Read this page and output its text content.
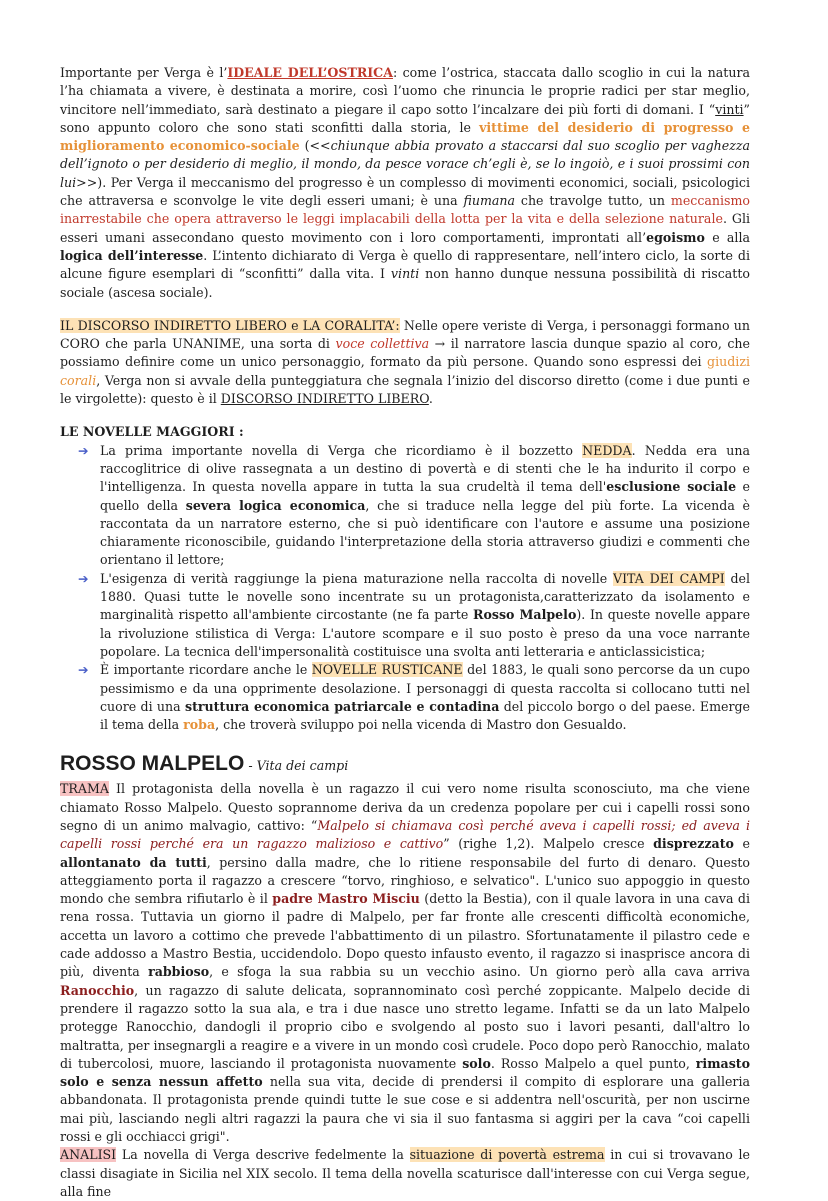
Importante per Verga è l’IDEALE DELL’OSTRICA: come l’ostrica, staccata dallo scoglio in cui la natura l’ha chiamata a vivere, è destinata a morire, così l’uomo che rinuncia le proprie radici per star meglio, vincitore nell’immediato, sarà destinato a piegare il capo sotto l’incalzare dei più forti di domani. I “vinti” sono appunto coloro che sono stati sconfitti dalla storia, le vittime del desiderio di progresso e miglioramento economico-sociale (<<chiunque abbia provato a staccarsi dal suo scoglio per vaghezza dell’ignoto o per desiderio di meglio, il mondo, da pesce vorace ch’egli è, se lo ingoiò, e i suoi prossimi con lui>>). Per Verga il meccanismo del progresso è un complesso di movimenti economici, sociali, psicologici che attraversa e sconvolge le vite degli esseri umani; è una fiumana che travolge tutto, un meccanismo inarrestabile che opera attraverso le leggi implacabili della lotta per la vita e della selezione naturale. Gli esseri umani assecondano questo movimento con i loro comportamenti, improntati all’egoismo e alla logica dell’interesse. L’intento dichiarato di Verga è quello di rappresentare, nell’intero ciclo, la sorte di alcune figure esemplari di “sconfitti” dalla vita. I vinti non hanno dunque nessuna possibilità di riscatto sociale (ascesa sociale).

IL DISCORSO INDIRETTO LIBERO e LA CORALITA’: Nelle opere veriste di Verga, i personaggi formano un CORO che parla UNANIME, una sorta di voce collettiva → il narratore lascia dunque spazio al coro, che possiamo definire come un unico personaggio, formato da più persone. Quando sono espressi dei giudizi corali, Verga non si avvale della punteggiatura che segnala l’inizio del discorso diretto (come i due punti e le virgolette): questo è il DISCORSO INDIRETTO LIBERO.

LE NOVELLE MAGGIORI :

➔ La prima importante novella di Verga che ricordiamo è il bozzetto NEDDA. Nedda era una raccoglitrice di olive rassegnata a un destino di povertà e di stenti che le ha indurito il corpo e l'intelligenza. In questa novella appare in tutta la sua crudeltà il tema dell'esclusione sociale e quello della severa logica economica, che si traduce nella legge del più forte. La vicenda è raccontata da un narratore esterno, che si può identificare con l'autore e assume una posizione chiaramente riconoscibile, guidando l'interpretazione della storia attraverso giudizi e commenti che orientano il lettore;

➔ L'esigenza di verità raggiunge la piena maturazione nella raccolta di novelle VITA DEI CAMPI del 1880. Quasi tutte le novelle sono incentrate su un protagonista,caratterizzato da isolamento e marginalità rispetto all'ambiente circostante (ne fa parte Rosso Malpelo). In queste novelle appare la rivoluzione stilistica di Verga: L'autore scompare e il suo posto è preso da una voce narrante popolare. La tecnica dell'impersonalità costituisce una svolta anti letteraria e anticlassicistica;

➔ È importante ricordare anche le NOVELLE RUSTICANE del 1883, le quali sono percorse da un cupo pessimismo e da una opprimente desolazione. I personaggi di questa raccolta si collocano tutti nel cuore di una struttura economica patriarcale e contadina del piccolo borgo o del paese. Emerge il tema della roba, che troverà sviluppo poi nella vicenda di Mastro don Gesualdo.

ROSSO MALPELO - Vita dei campi

TRAMA Il protagonista della novella è un ragazzo il cui vero nome risulta sconosciuto, ma che viene chiamato Rosso Malpelo. Questo soprannome deriva da un credenza popolare per cui i capelli rossi sono segno di un animo malvagio, cattivo: “Malpelo si chiamava così perché aveva i capelli rossi; ed aveva i capelli rossi perché era un ragazzo malizioso e cattivo” (righe 1,2). Malpelo cresce disprezzato e allontanato da tutti, persino dalla madre, che lo ritiene responsabile del furto di denaro. Questo atteggiamento porta il ragazzo a crescere “torvo, ringhioso, e selvatico". L'unico suo appoggio in questo mondo che sembra rifiutarlo è il padre Mastro Misciu (detto la Bestia), con il quale lavora in una cava di rena rossa. Tuttavia un giorno il padre di Malpelo, per far fronte alle crescenti difficoltà economiche, accetta un lavoro a cottimo che prevede l'abbattimento di un pilastro. Sfortunatamente il pilastro cede e cade addosso a Mastro Bestia, uccidendolo. Dopo questo infausto evento, il ragazzo si inasprisce ancora di più, diventa rabbioso, e sfoga la sua rabbia su un vecchio asino. Un giorno però alla cava arriva Ranocchio, un ragazzo di salute delicata, soprannominato così perché zoppicante. Malpelo decide di prendere il ragazzo sotto la sua ala, e tra i due nasce uno stretto legame. Infatti se da un lato Malpelo protegge Ranocchio, dandogli il proprio cibo e svolgendo al posto suo i lavori pesanti, dall'altro lo maltratta, per insegnargli a reagire e a vivere in un mondo così crudele. Poco dopo però Ranocchio, malato di tubercolosi, muore, lasciando il protagonista nuovamente solo. Rosso Malpelo a quel punto, rimasto solo e senza nessun affetto nella sua vita, decide di prendersi il compito di esplorare una galleria abbandonata. Il protagonista prende quindi tutte le sue cose e si addentra nell'oscurità, per non uscirne mai più, lasciando negli altri ragazzi la paura che vi sia il suo fantasma si aggiri per la cava “coi capelli rossi e gli occhiacci grigi".

ANALISI La novella di Verga descrive fedelmente la situazione di povertà estrema in cui si trovavano le classi disagiate in Sicilia nel XIX secolo. Il tema della novella scaturisce dall'interesse con cui Verga segue, alla fine
